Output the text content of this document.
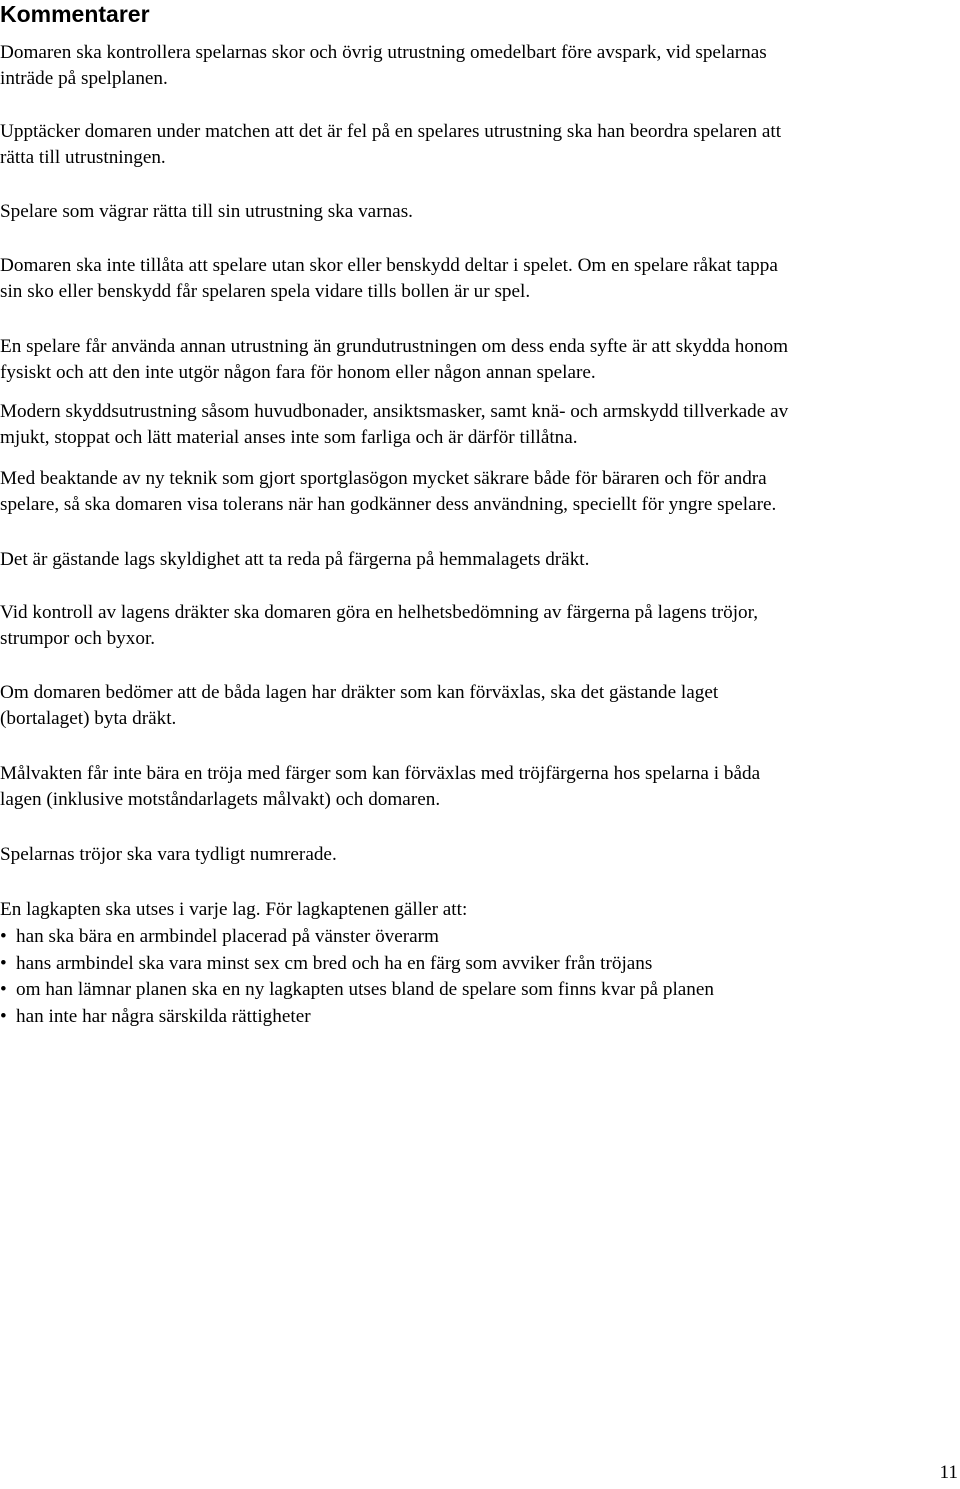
Kommentarer

Domaren ska kontrollera spelarnas skor och övrig utrustning omedelbart före avspark, vid spelarnas
inträde på spelplanen.

Upptäcker domaren under matchen att det är fel på en spelares utrustning ska han beordra spelaren att
rätta till utrustningen.

Spelare som vägrar rätta till sin utrustning ska varnas.

Domaren ska inte tillåta att spelare utan skor eller benskydd deltar i spelet. Om en spelare råkat tappa
sin sko eller benskydd får spelaren spela vidare tills bollen är ur spel.

En spelare får använda annan utrustning än grundutrustningen om dess enda syfte är att skydda honom
fysiskt och att den inte utgör någon fara för honom eller någon annan spelare.

Modern skyddsutrustning såsom huvudbonader, ansiktsmasker, samt knä- och armskydd tillverkade av
mjukt, stoppat och lätt material anses inte som farliga och är därför tillåtna.

Med beaktande av ny teknik som gjort sportglasögon mycket säkrare både för bäraren och för andra
spelare, så ska domaren visa tolerans när han godkänner dess användning, speciellt för yngre spelare.

Det är gästande lags skyldighet att ta reda på färgerna på hemmalagets dräkt.

Vid kontroll av lagens dräkter ska domaren göra en helhetsbedömning av färgerna på lagens tröjor,
strumpor och byxor.

Om domaren bedömer att de båda lagen har dräkter som kan förväxlas, ska det gästande laget
(bortalaget) byta dräkt.

Målvakten får inte bära en tröja med färger som kan förväxlas med tröjfärgerna hos spelarna i båda
lagen (inklusive motståndarlagets målvakt) och domaren.

Spelarnas tröjor ska vara tydligt numrerade.

En lagkapten ska utses i varje lag. För lagkaptenen gäller att:

• han ska bära en armbindel placerad på vänster överarm
• hans armbindel ska vara minst sex cm bred och ha en färg som avviker från tröjans
• om han lämnar planen ska en ny lagkapten utses bland de spelare som finns kvar på planen
• han inte har några särskilda rättigheter
11
